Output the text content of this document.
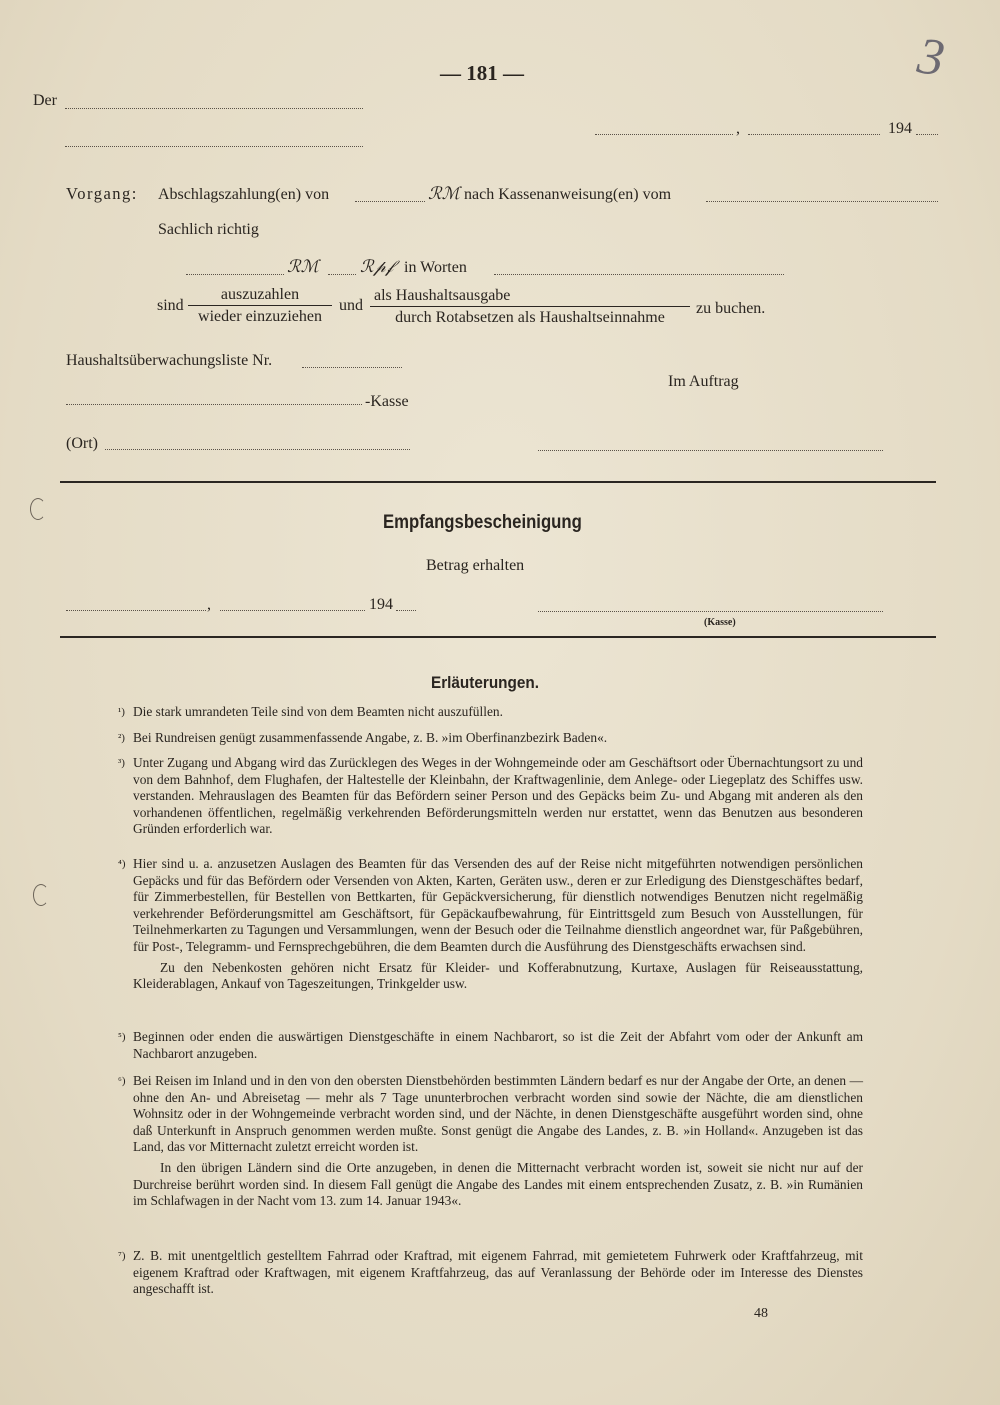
— 181 —	3
Der
,	194
Vorgang: Abschlagszahlung(en) von	ℛℳ nach Kassenanweisung(en) vom
Sachlich richtig
ℛℳ ℛ𝓅𝒻 in Worten
sind
auszuzahlen
wieder einzuziehen
und
als Haushaltsausgabe
durch Rotabsetzen als Haushaltseinnahme
zu buchen.
Haushaltsüberwachungsliste Nr.
Im Auftrag
-Kasse
(Ort)
Empfangsbescheinigung
Betrag erhalten
,	194
(Kasse)
Erläuterungen.
¹) Die stark umrandeten Teile sind von dem Beamten nicht auszufüllen.
²) Bei Rundreisen genügt zusammenfassende Angabe, z. B. »im Oberfinanzbezirk Baden«.
³) Unter Zugang und Abgang wird das Zurücklegen des Weges in der Wohngemeinde oder am Geschäftsort oder Übernachtungsort zu und von dem Bahnhof, dem Flughafen, der Haltestelle der Kleinbahn, der Kraftwagenlinie, dem Anlege- oder Liegeplatz des Schiffes usw. verstanden. Mehrauslagen des Beamten für das Befördern seiner Person und des Gepäcks beim Zu- und Abgang mit anderen als den vorhandenen öffentlichen, regelmäßig verkehrenden Beförderungsmitteln werden nur erstattet, wenn das Benutzen aus besonderen Gründen erforderlich war.
⁴) Hier sind u. a. anzusetzen Auslagen des Beamten für das Versenden des auf der Reise nicht mitgeführten notwendigen persönlichen Gepäcks und für das Befördern oder Versenden von Akten, Karten, Geräten usw., deren er zur Erledigung des Dienstgeschäftes bedarf, für Zimmerbestellen, für Bestellen von Bettkarten, für Gepäckversicherung, für dienstlich notwendiges Benutzen nicht regelmäßig verkehrender Beförderungsmittel am Geschäftsort, für Gepäckaufbewahrung, für Eintrittsgeld zum Besuch von Ausstellungen, für Teilnehmerkarten zu Tagungen und Versammlungen, wenn der Besuch oder die Teilnahme dienstlich angeordnet war, für Paßgebühren, für Post-, Telegramm- und Fernsprechgebühren, die dem Beamten durch die Ausführung des Dienstgeschäfts erwachsen sind.
Zu den Nebenkosten gehören nicht Ersatz für Kleider- und Kofferabnutzung, Kurtaxe, Auslagen für Reiseausstattung, Kleiderablagen, Ankauf von Tageszeitungen, Trinkgelder usw.
⁵) Beginnen oder enden die auswärtigen Dienstgeschäfte in einem Nachbarort, so ist die Zeit der Abfahrt vom oder der Ankunft am Nachbarort anzugeben.
⁶) Bei Reisen im Inland und in den von den obersten Dienstbehörden bestimmten Ländern bedarf es nur der Angabe der Orte, an denen — ohne den An- und Abreisetag — mehr als 7 Tage ununterbrochen verbracht worden sind sowie der Nächte, die am dienstlichen Wohnsitz oder in der Wohngemeinde verbracht worden sind, und der Nächte, in denen Dienstgeschäfte ausgeführt worden sind, ohne daß Unterkunft in Anspruch genommen werden mußte. Sonst genügt die Angabe des Landes, z. B. »in Holland«. Anzugeben ist das Land, das vor Mitternacht zuletzt erreicht worden ist.
In den übrigen Ländern sind die Orte anzugeben, in denen die Mitternacht verbracht worden ist, soweit sie nicht nur auf der Durchreise berührt worden sind. In diesem Fall genügt die Angabe des Landes mit einem entsprechenden Zusatz, z. B. »in Rumänien im Schlafwagen in der Nacht vom 13. zum 14. Januar 1943«.
⁷) Z. B. mit unentgeltlich gestelltem Fahrrad oder Kraftrad, mit eigenem Fahrrad, mit gemietetem Fuhrwerk oder Kraftfahrzeug, mit eigenem Kraftrad oder Kraftwagen, mit eigenem Kraftfahrzeug, das auf Veranlassung der Behörde oder im Interesse des Dienstes angeschafft ist.
48
